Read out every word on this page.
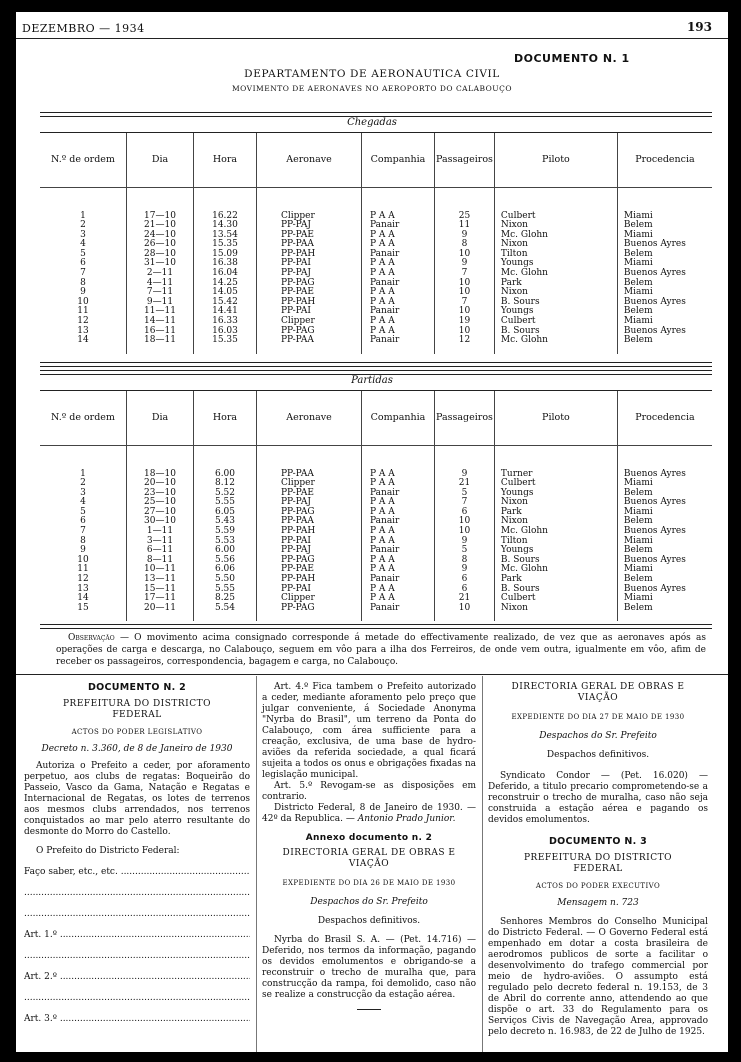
DEZEMBRO — 1934	193
DOCUMENTO N. 1
DEPARTAMENTO DE AERONAUTICA CIVIL
MOVIMENTO DE AERONAVES NO AEROPORTO DO CALABOUÇO
Chegadas
N.º de ordem	Dia	Hora	Aeronave	Companhia	Passageiros	Piloto	Procedencia

1	17—10	16.22	Clipper	P A A	25	Culbert	Miami
2	21—10	14.30	PP-PAJ	Panair	11	Nixon	Belem
3	24—10	13.54	PP-PAE	P A A	9	Mc. Glohn	Miami
4	26—10	15.35	PP-PAA	P A A	8	Nixon	Buenos Ayres
5	28—10	15.09	PP-PAH	Panair	10	Tilton	Belem
6	31—10	16.38	PP-PAI	P A A	9	Youngs	Miami
7	2—11	16.04	PP-PAJ	P A A	7	Mc. Glohn	Buenos Ayres
8	4—11	14.25	PP-PAG	Panair	10	Park	Belem
9	7—11	14.05	PP-PAE	P A A	10	Nixon	Miami
10	9—11	15.42	PP-PAH	P A A	7	B. Sours	Buenos Ayres
11	11—11	14.41	PP-PAI	Panair	10	Youngs	Belem
12	14—11	16.33	Clipper	P A A	19	Culbert	Miami
13	16—11	16.03	PP-PAG	P A A	10	B. Sours	Buenos Ayres
14	18—11	15.35	PP-PAA	Panair	12	Mc. Glohn	Belem

Partidas
N.º de ordem	Dia	Hora	Aeronave	Companhia	Passageiros	Piloto	Procedencia

1	18—10	6.00	PP-PAA	P A A	9	Turner	Buenos Ayres
2	20—10	8.12	Clipper	P A A	21	Culbert	Miami
3	23—10	5.52	PP-PAE	Panair	5	Youngs	Belem
4	25—10	5.55	PP-PAJ	P A A	7	Nixon	Buenos Ayres
5	27—10	6.05	PP-PAG	P A A	6	Park	Miami
6	30—10	5.43	PP-PAA	Panair	10	Nixon	Belem
7	1—11	5.59	PP-PAH	P A A	10	Mc. Glohn	Buenos Ayres
8	3—11	5.53	PP-PAI	P A A	9	Tilton	Miami
9	6—11	6.00	PP-PAJ	Panair	5	Youngs	Belem
10	8—11	5.56	PP-PAG	P A A	8	B. Sours	Buenos Ayres
11	10—11	6.06	PP-PAE	P A A	9	Mc. Glohn	Miami
12	13—11	5.50	PP-PAH	Panair	6	Park	Belem
13	15—11	5.55	PP-PAI	P A A	6	B. Sours	Buenos Ayres
14	17—11	8.25	Clipper	P A A	21	Culbert	Miami
15	20—11	5.54	PP-PAG	Panair	10	Nixon	Belem

Observação — O movimento acima consignado corresponde á metade do effectivamente realizado, de vez que as aeronaves após as operações de carga e descarga, no Calabouço, seguem em vôo para a ilha dos Ferreiros, de onde vem outra, igualmente em vôo, afim de receber os passageiros, correspondencia, bagagem e carga, no Calabouço.
DOCUMENTO N. 2
PREFEITURA DO DISTRICTO FEDERAL
ACTOS DO PODER LEGISLATIVO
Decreto n. 3.360, de 8 de Janeiro de 1930

Autoriza o Prefeito a ceder, por aforamento perpetuo, aos clubs de regatas: Boqueirão do Passeio, Vasco da Gama, Natação e Regatas e Internacional de Regatas, os lotes de terrenos aos mesmos clubs arrendados, nos terrenos conquistados ao mar pelo aterro resultante do desmonte do Morro do Castello.

O Prefeito do Districto Federal:

Faço saber, etc., etc. .....
.....
.....
Art. 1.º .....
.....
Art. 2.º .....
.....
Art. 3.º .....

Art. 4.º Fica tambem o Prefeito autorizado a ceder, mediante aforamento pelo preço que julgar conveniente, á Sociedade Anonyma "Nyrba do Brasil", um terreno da Ponta do Calabouço, com área sufficiente para a creação, exclusiva, de uma base de hydro-aviões da referida sociedade, a qual ficará sujeita a todos os onus e obrigações fixadas na legislação municipal.

Art. 5.º Revogam-se as disposições em contrario.

Districto Federal, 8 de Janeiro de 1930. — 42º da Republica. — Antonio Prado Junior.

Annexo documento n. 2
DIRECTORIA GERAL DE OBRAS E VIAÇÃO
EXPEDIENTE DO DIA 26 DE MAIO DE 1930
Despachos do Sr. Prefeito
Despachos definitivos.

Nyrba do Brasil S. A. — (Pet. 14.716) — Deferido, nos termos da informação, pagando os devidos emolumentos e obrigando-se a reconstruir o trecho de muralha que, para construcção da rampa, foi demolido, caso não se realize a construcção da estação aérea.

DIRECTORIA GERAL DE OBRAS E VIAÇÃO
EXPEDIENTE DO DIA 27 DE MAIO DE 1930
Despachos do Sr. Prefeito
Despachos definitivos.

Syndicato Condor — (Pet. 16.020) — Deferido, a titulo precario comprometendo-se a reconstruir o trecho de muralha, caso não seja construida a estação aérea e pagando os devidos emolumentos.

DOCUMENTO N. 3
PREFEITURA DO DISTRICTO FEDERAL
ACTOS DO PODER EXECUTIVO
Mensagem n. 723

Senhores Membros do Conselho Municipal do Districto Federal. — O Governo Federal está empenhado em dotar a costa brasileira de aerodromos publicos de sorte a facilitar o desenvolvimento do trafego commercial por meio de hydro-aviões. O assumpto está regulado pelo decreto federal n. 19.153, de 3 de Abril do corrente anno, attendendo ao que dispõe o art. 33 do Regulamento para os Serviços Civis de Navegação Area, approvado pelo decreto n. 16.983, de 22 de Julho de 1925.
